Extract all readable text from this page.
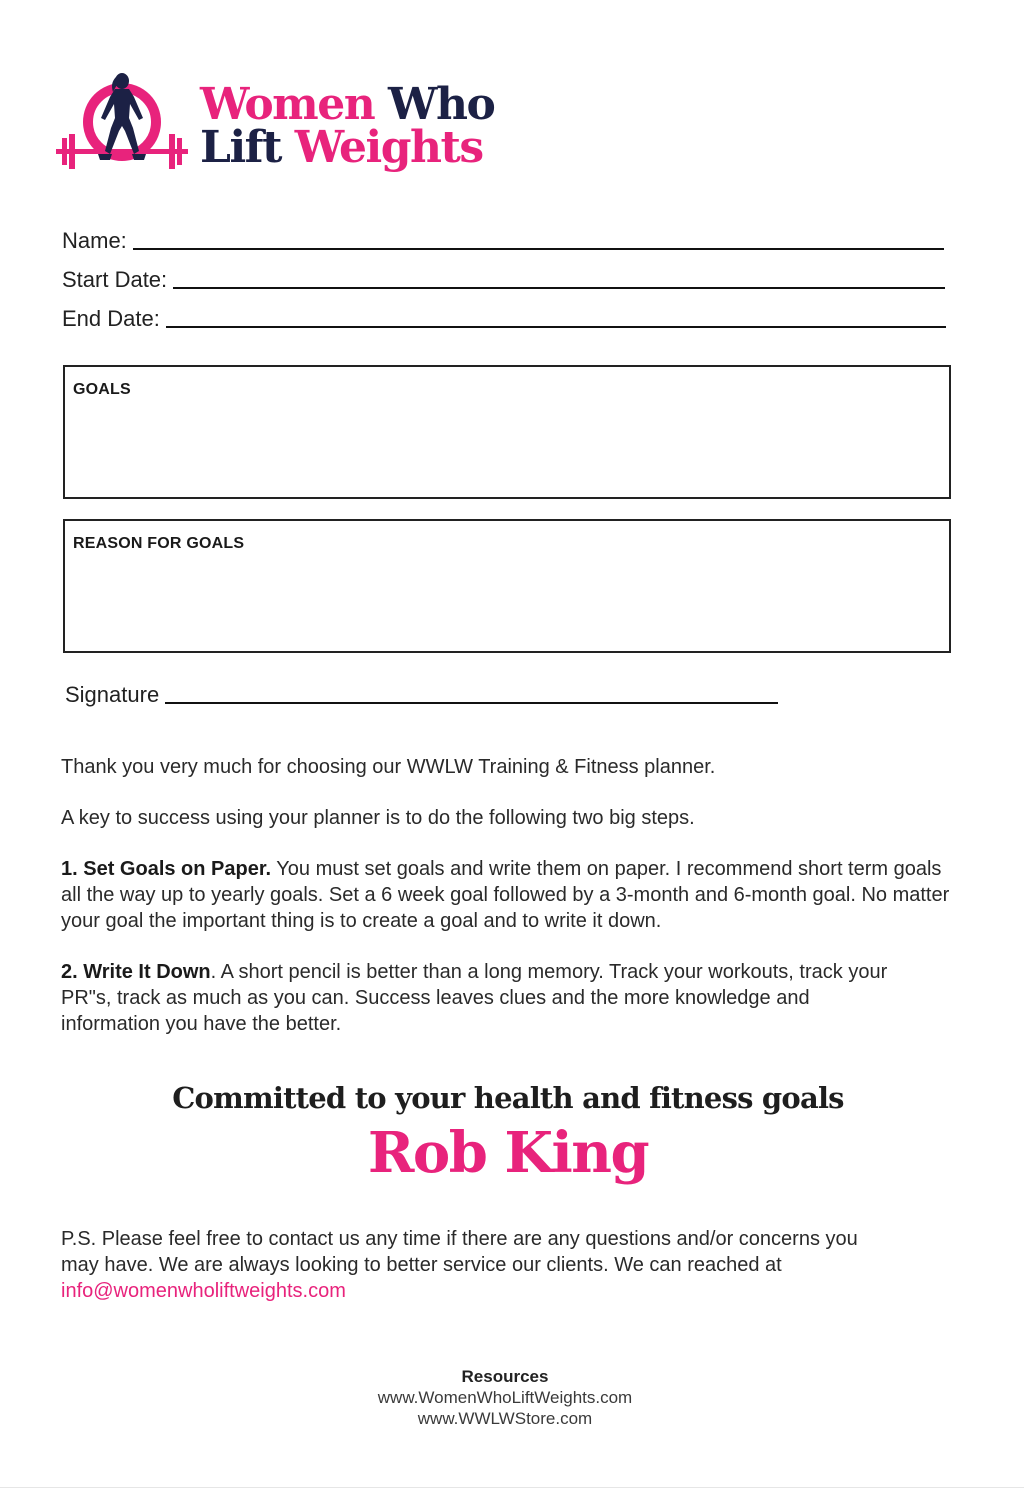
Women Who
Lift Weights
Name:
Start Date:
End Date:
GOALS
REASON FOR GOALS
Signature
Thank you very much for choosing our WWLW Training & Fitness planner.
A key to success using your planner is to do the following two big steps.
1. Set Goals on Paper. You must set goals and write them on paper. I recommend short term goals all the way up to yearly goals. Set a 6 week goal followed by a 3-month and 6-month goal. No matter your goal the important thing is to create a goal and to write it down.
2. Write It Down. A short pencil is better than a long memory. Track your workouts, track your PR"s, track as much as you can. Success leaves clues and the more knowledge and information you have the better.
Committed to your health and fitness goals
Rob King
P.S. Please feel free to contact us any time if there are any questions and/or concerns you may have. We are always looking to better service our clients. We can reached at
info@womenwholiftweights.com
Resources
www.WomenWhoLiftWeights.com
www.WWLWStore.com
